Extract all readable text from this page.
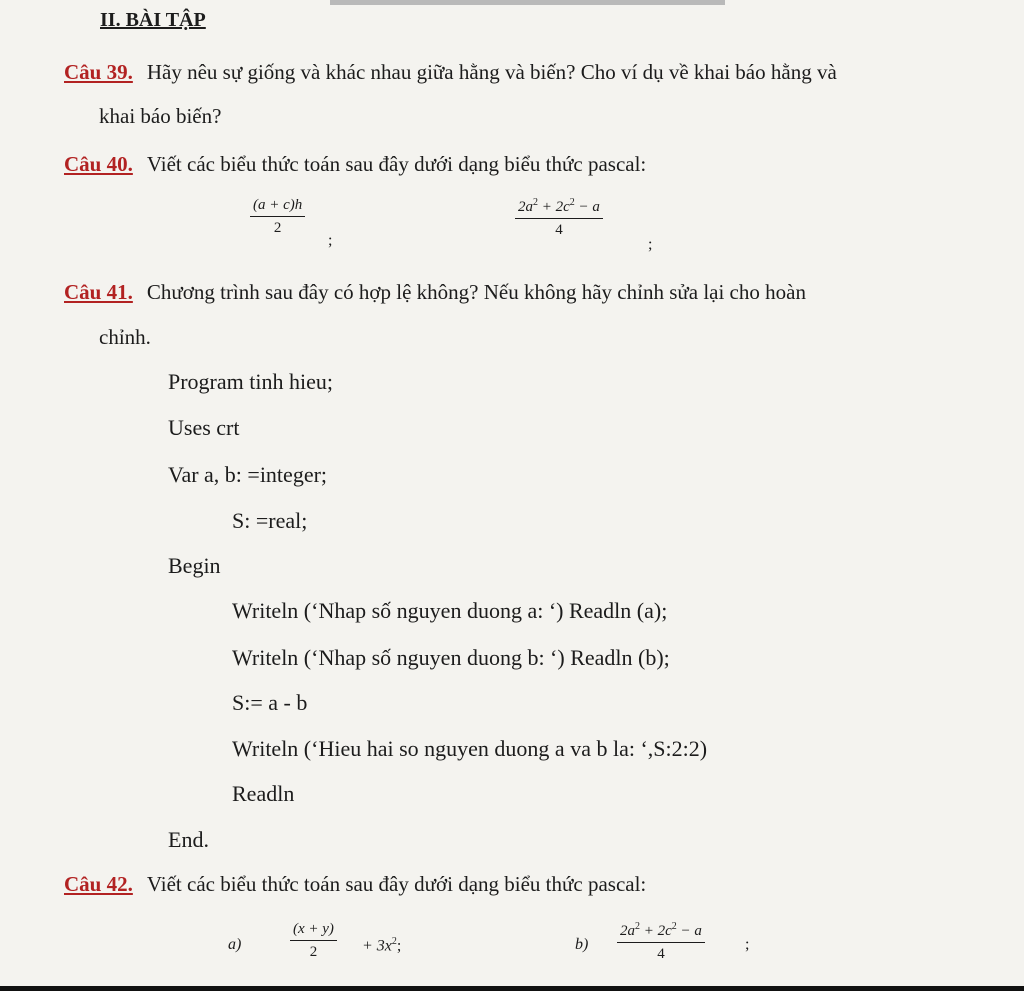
II. BÀI TẬP
Câu 39. Hãy nêu sự giống và khác nhau giữa hằng và biến? Cho ví dụ về khai báo hằng và
khai báo biến?
Câu 40. Viết các biểu thức toán sau đây dưới dạng biểu thức pascal:
$\frac{(a + c)h}{2}$
;
$\frac{2a^2 + 2c^2 - a}{4}$
;
Câu 41. Chương trình sau đây có hợp lệ không? Nếu không hãy chỉnh sửa lại cho hoàn
chỉnh.
Program tinh hieu;
Uses crt
Var a, b: =integer;
S: =real;
Begin
Writeln (‘Nhap số nguyen duong a: ‘) Readln (a);
Writeln (‘Nhap số nguyen duong b: ‘) Readln (b);
S:= a - b
Writeln (‘Hieu hai so nguyen duong a va b la: ‘,S:2:2)
Readln
End.
Câu 42. Viết các biểu thức toán sau đây dưới dạng biểu thức pascal:
a)	$\frac{(x + y)}{2} + 3x^2$;	$b) \frac{2a^2 + 2c^2 - a}{4}$	;
